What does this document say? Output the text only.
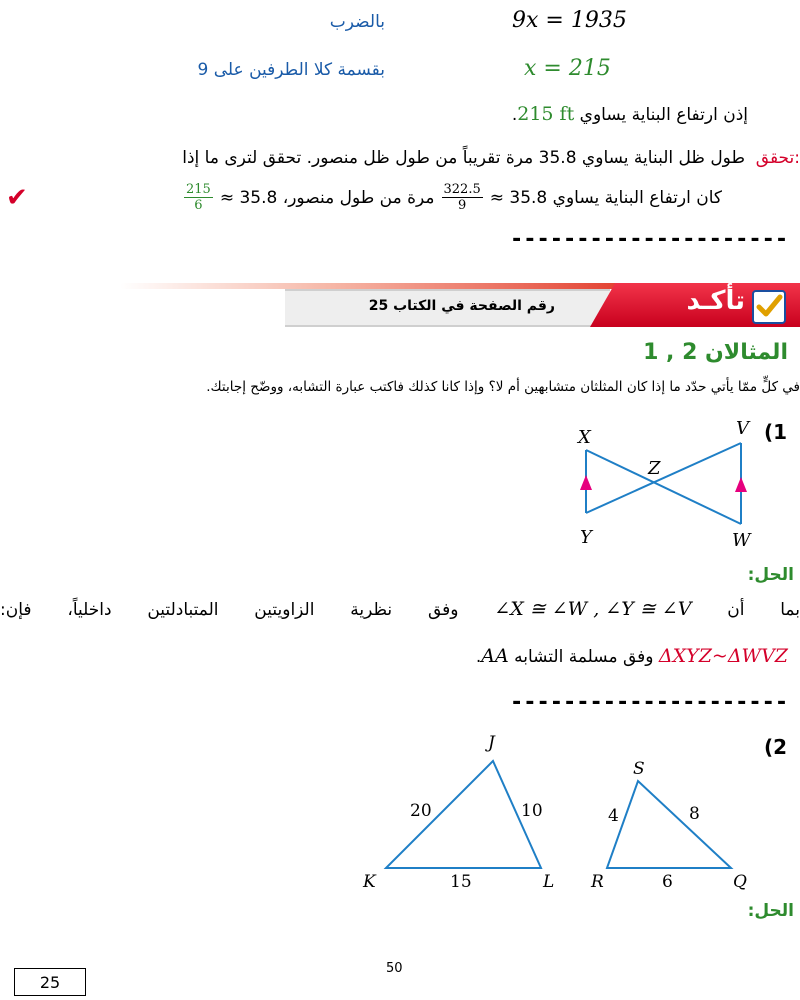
بالضرب	9x = 1935
بقسمة كلا الطرفين على 9	x = 215
إذن ارتفاع البناية يساوي 215 ft.
تحقق:
طول ظل البناية يساوي 35.8 مرة تقريباً من طول ظل منصور. تحقق لترى ما إذا
كان ارتفاع البناية يساوي 35.8 ≈
$\frac{322.5}{9}$
مرة من طول منصور، 35.8 ≈
$\frac{215}{6}$
✔
---------------------
رقم الصفحة في الكتاب 25	تأكـد
المثالان 2 , 1
في كلٍّ ممّا يأتي حدّد ما إذا كان المثلثان متشابهين أم لا؟ وإذا كانا كذلك فاكتب عبارة التشابه، ووضّح إجابتك.
(1
X	V
Z
Y	W
الحل:
بما أن ∠X ≅ ∠W , ∠Y ≅ ∠V وفق نظرية الزاويتين المتبادلتين داخلياً، فإن:
ΔXYZ~ΔWVZ وفق مسلمة التشابه AA.
---------------------
(2
K	L
20	10
15
S
R	Q
4	8
6
J
الحل:
50
25
